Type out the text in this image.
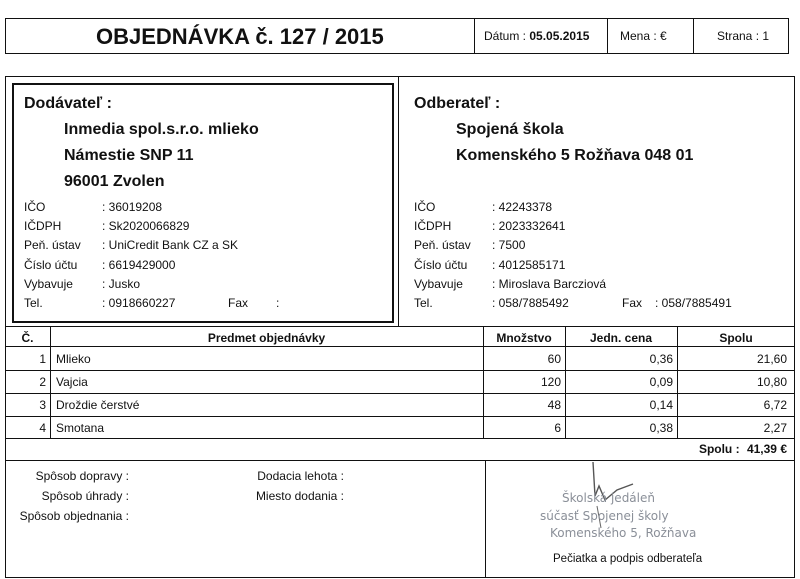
OBJEDNÁVKA č. 127 / 2015	Dátum : 05.05.2015	Mena : €	Strana : 1
Dodávateľ :
Inmedia spol.s.r.o. mlieko
Námestie SNP 11
96001 Zvolen
IČO	: 36019208
IČDPH	: Sk2020066829
Peň. ústav : UniCredit Bank CZ a SK
Číslo účtu : 6619429000
Vybavuje : Jusko
Tel.	: 0918660227	Fax :
Odberateľ :
Spojená škola
Komenského 5 Rožňava 048 01
IČO	: 42243378
IČDPH	: 2023332641
Peň. ústav : 7500
Číslo účtu : 4012585171
Vybavuje : Miroslava Barcziová
Tel.	: 058/7885492	Fax : 058/7885491
Č.	Predmet objednávky	Množstvo	Jedn. cena	Spolu
1 Mlieko	60	0,36	21,60
2 Vajcia	120	0,09	10,80
3 Droždie čerstvé	48	0,14	6,72
4 Smotana	6	0,38	2,27
Spolu : 41,39 €
Spôsob dopravy :
Spôsob úhrady :
Spôsob objednania :
Dodacia lehota :
Miesto dodania :	Školská jedáleň
súčasť Spojenej školy
Komenského 5, Rožňava
Pečiatka a podpis odberateľa
